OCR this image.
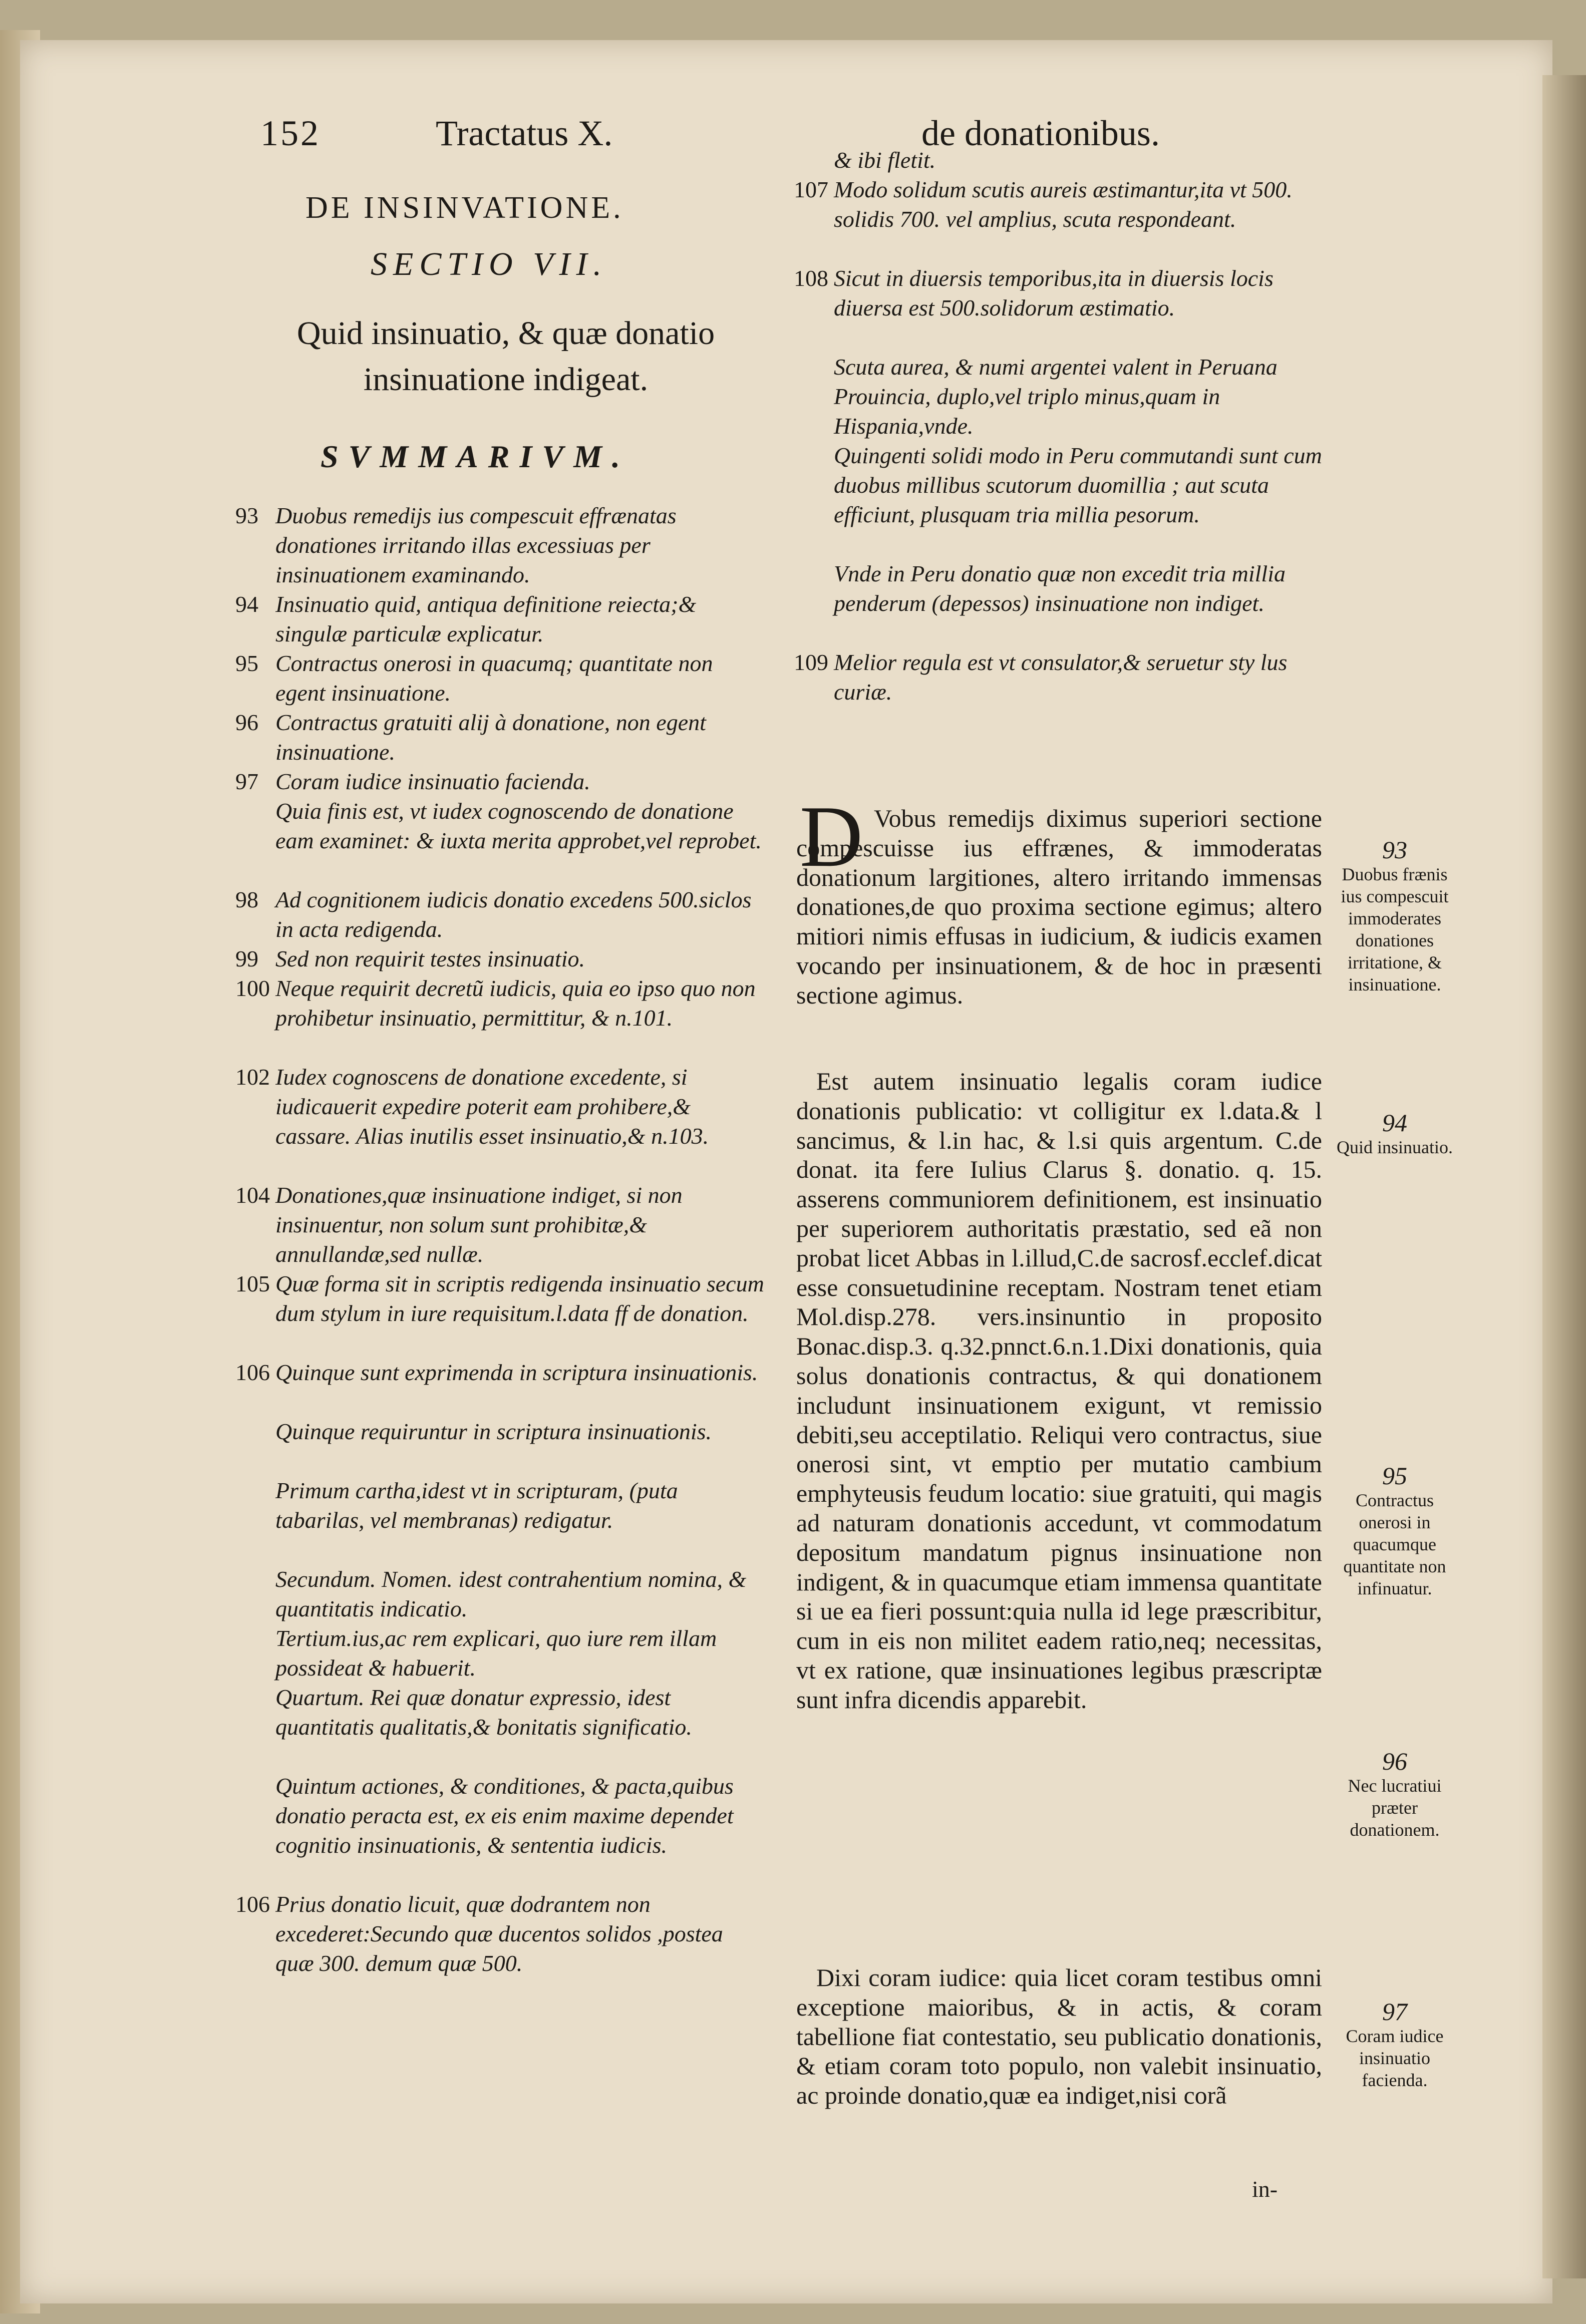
152	Tractatus X.	de donationibus.
DE INSINVATIONE.
SECTIO VII.
Quid insinuatio, & quæ donatio insinuatione indigeat.
SVMMARIVM.
93 Duobus remedijs ius compescuit effrænatas donationes irritando illas excessiuas per insinuationem examinando.
94 Insinuatio quid, antiqua definitione reiecta;& singulæ particulæ explicatur.
95 Contractus onerosi in quacumq; quantitate non egent insinuatione.
96 Contractus gratuiti alij à donatione, non egent insinuatione.
97 Coram iudice insinuatio facienda.
Quia finis est, vt iudex cognoscendo de donatione eam examinet: & iuxta merita approbet,vel reprobet.
98 Ad cognitionem iudicis donatio excedens 500.siclos in acta redigenda.
99 Sed non requirit testes insinuatio.
100 Neque requirit decretũ iudicis, quia eo ipso quo non prohibetur insinuatio, permittitur, & n.101.
102 Iudex cognoscens de donatione excedente, si iudicauerit expedire poterit eam prohibere,& cassare. Alias inutilis esset insinuatio,& n.103.
104 Donationes,quæ insinuatione indiget, si non insinuentur, non solum sunt prohibitæ,& annullandæ,sed nullæ.
105 Quæ forma sit in scriptis redigenda insinuatio secum dum stylum in iure requisitum.l.data ff de donation.
106 Quinque sunt exprimenda in scriptura insinuationis.
Quinque requiruntur in scriptura insinuationis.
Primum cartha,idest vt in scripturam, (puta tabarilas, vel membranas) redigatur.
Secundum. Nomen. idest contrahentium nomina, & quantitatis indicatio.
Tertium.ius,ac rem explicari, quo iure rem illam possideat & habuerit.
Quartum. Rei quæ donatur expressio, idest quantitatis qualitatis,& bonitatis significatio.
Quintum actiones, & conditiones, & pacta,quibus donatio peracta est, ex eis enim maxime dependet cognitio insinuationis, & sententia iudicis.
106 Prius donatio licuit, quæ dodrantem non excederet:Secundo quæ ducentos solidos ,postea quæ 300. demum quæ 500.
& ibi fletit.
107 Modo solidum scutis aureis æstimantur,ita vt 500. solidis 700. vel amplius, scuta respondeant.
108 Sicut in diuersis temporibus,ita in diuersis locis diuersa est 500.solidorum æstimatio.
Scuta aurea, & numi argentei valent in Peruana Prouincia, duplo,vel triplo minus,quam in Hispania,vnde.
Quingenti solidi modo in Peru commutandi sunt cum duobus millibus scutorum duomillia ; aut scuta efficiunt, plusquam tria millia pesorum.
Vnde in Peru donatio quæ non excedit tria millia penderum (depessos) insinuatione non indiget.
109 Melior regula est vt consulator,& seruetur sty lus curiæ.
D Vobus remedijs diximus superiori sectione compescuisse ius effrænes, & immoderatas donationum largitiones, altero irritando immensas donationes,de quo proxima sectione egimus; altero mitiori nimis effusas in iudicium, & iudicis examen vocando per insinuationem, & de hoc in præsenti sectione agimus.
Est autem insinuatio legalis coram iudice donationis publicatio: vt colligitur ex l.data.& l sancimus, & l.in hac, & l.si quis argentum. C.de donat. ita fere Iulius Clarus §. donatio. q. 15. asserens communiorem definitionem, est insinuatio per superiorem authoritatis præstatio, sed eã non probat licet Abbas in l.illud,C.de sacrosf.ecclef.dicat esse consuetudinine receptam. Nostram tenet etiam Mol.disp.278. vers.insinuntio in proposito Bonac.disp.3. q.32.pnnct.6.n.1.Dixi donationis, quia solus donationis contractus, & qui donationem includunt insinuationem exigunt, vt remissio debiti,seu acceptilatio. Reliqui vero contractus, siue onerosi sint, vt emptio per mutatio cambium emphyteusis feudum locatio: siue gratuiti, qui magis ad naturam donationis accedunt, vt commodatum depositum mandatum pignus insinuatione non indigent, & in quacumque etiam immensa quantitate si ue ea fieri possunt:quia nulla id lege præscribitur, cum in eis non militet eadem ratio,neq; necessitas, vt ex ratione, quæ insinuationes legibus præscriptæ sunt infra dicendis apparebit.
Dixi coram iudice: quia licet coram testibus omni exceptione maioribus, & in actis, & coram tabellione fiat contestatio, seu publicatio donationis, & etiam coram toto populo, non valebit insinuatio, ac proinde donatio,quæ ea indiget,nisi corã
in-
93
Duobus frænis ius compescuit immoderates donationes irritatione, & insinuatione.
94
Quid insinuatio.
95
Contractus onerosi in quacumque quantitate non infinuatur.
96
Nec lucratiui præter donationem.
97
Coram iudice insinuatio facienda.
